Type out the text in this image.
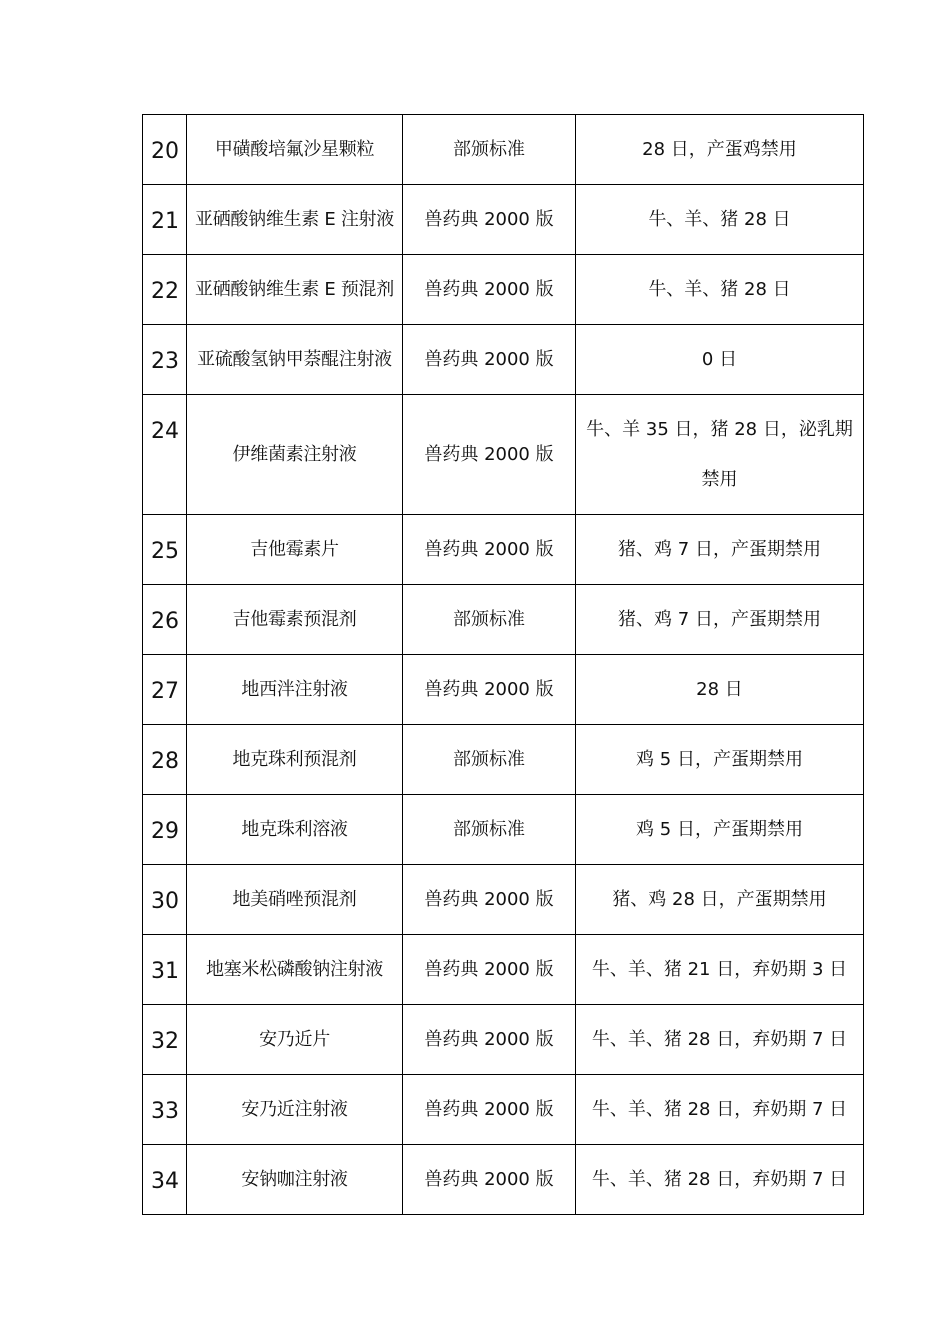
20	甲磺酸培氟沙星颗粒	部颁标准	28 日，产蛋鸡禁用
21	亚硒酸钠维生素 E 注射液	兽药典 2000 版	牛、羊、猪 28 日
22	亚硒酸钠维生素 E 预混剂	兽药典 2000 版	牛、羊、猪 28 日
23	亚硫酸氢钠甲萘醌注射液	兽药典 2000 版	0 日
24	伊维菌素注射液	兽药典 2000 版	牛、羊 35 日，猪 28 日，泌乳期禁用
25	吉他霉素片	兽药典 2000 版	猪、鸡 7 日，产蛋期禁用
26	吉他霉素预混剂	部颁标准	猪、鸡 7 日，产蛋期禁用
27	地西泮注射液	兽药典 2000 版	28 日
28	地克珠利预混剂	部颁标准	鸡 5 日，产蛋期禁用
29	地克珠利溶液	部颁标准	鸡 5 日，产蛋期禁用
30	地美硝唑预混剂	兽药典 2000 版	猪、鸡 28 日，产蛋期禁用
31	地塞米松磷酸钠注射液	兽药典 2000 版	牛、羊、猪 21 日，弃奶期 3 日
32	安乃近片	兽药典 2000 版	牛、羊、猪 28 日，弃奶期 7 日
33	安乃近注射液	兽药典 2000 版	牛、羊、猪 28 日，弃奶期 7 日
34	安钠咖注射液	兽药典 2000 版	牛、羊、猪 28 日，弃奶期 7 日
